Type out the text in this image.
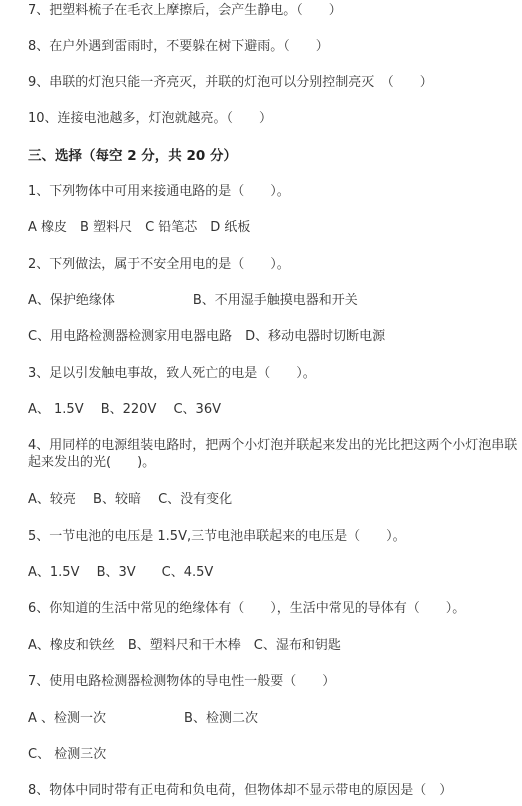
7、把塑料梳子在毛衣上摩擦后，会产生静电。（　　）
8、在户外遇到雷雨时，不要躲在树下避雨。（　　）
9、串联的灯泡只能一齐亮灭，并联的灯泡可以分别控制亮灭　（　　）
10、连接电池越多，灯泡就越亮。（　　）
三、选择（每空 2 分，共 20 分）
1、下列物体中可用来接通电路的是（　　）。
A 橡皮　B 塑料尺　C 铅笔芯　D 纸板
2、下列做法，属于不安全用电的是（　　）。
A、保护绝缘体　　　　　　B、不用湿手触摸电器和开关
C、用电路检测器检测家用电器电路　D、移动电器时切断电源
3、足以引发触电事故，致人死亡的电是（　　）。
A、 1.5V　 B、220V　 C、36V
4、用同样的电源组装电路时，把两个小灯泡并联起来发出的光比把这两个小灯泡串联起来发出的光(　　)。
A、较亮　 B、较暗　 C、没有变化
5、一节电池的电压是 1.5V,三节电池串联起来的电压是（　　）。
A、1.5V　 B、3V　　C、4.5V
6、你知道的生活中常见的绝缘体有（　　），生活中常见的导体有（　　）。
A、橡皮和铁丝　B、塑料尺和干木棒　C、湿布和钥匙
7、使用电路检测器检测物体的导电性一般要（　　）
A 、检测一次　　　　　　B、检测二次
C、 检测三次
8、物体中同时带有正电荷和负电荷，但物体却不显示带电的原因是（　）
